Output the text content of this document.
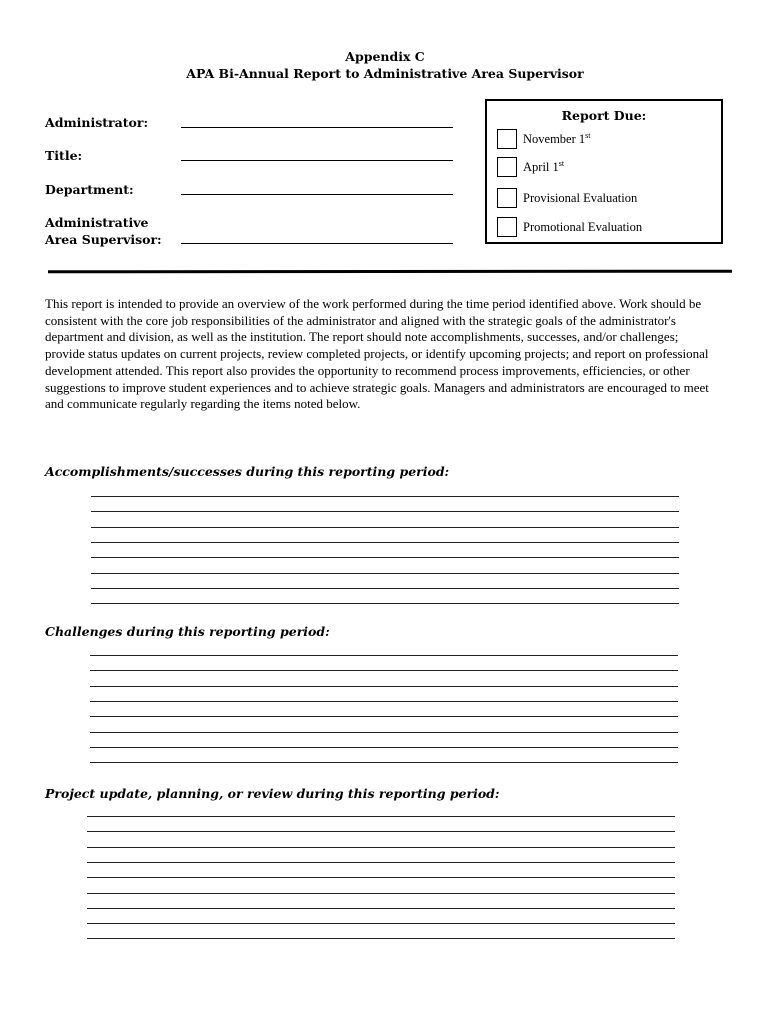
Appendix C
APA Bi-Annual Report to Administrative Area Supervisor
Administrator:
Title:
Department:
Administrative
Area Supervisor:
Report Due:
November 1st
April 1st
Provisional Evaluation
Promotional Evaluation
This report is intended to provide an overview of the work performed during the time period identified above. Work should be consistent with the core job responsibilities of the administrator and aligned with the strategic goals of the administrator's department and division, as well as the institution. The report should note accomplishments, successes, and/or challenges; provide status updates on current projects, review completed projects, or identify upcoming projects; and report on professional development attended. This report also provides the opportunity to recommend process improvements, efficiencies, or other suggestions to improve student experiences and to achieve strategic goals. Managers and administrators are encouraged to meet and communicate regularly regarding the items noted below.
Accomplishments/successes during this reporting period:
Challenges during this reporting period:
Project update, planning, or review during this reporting period:
